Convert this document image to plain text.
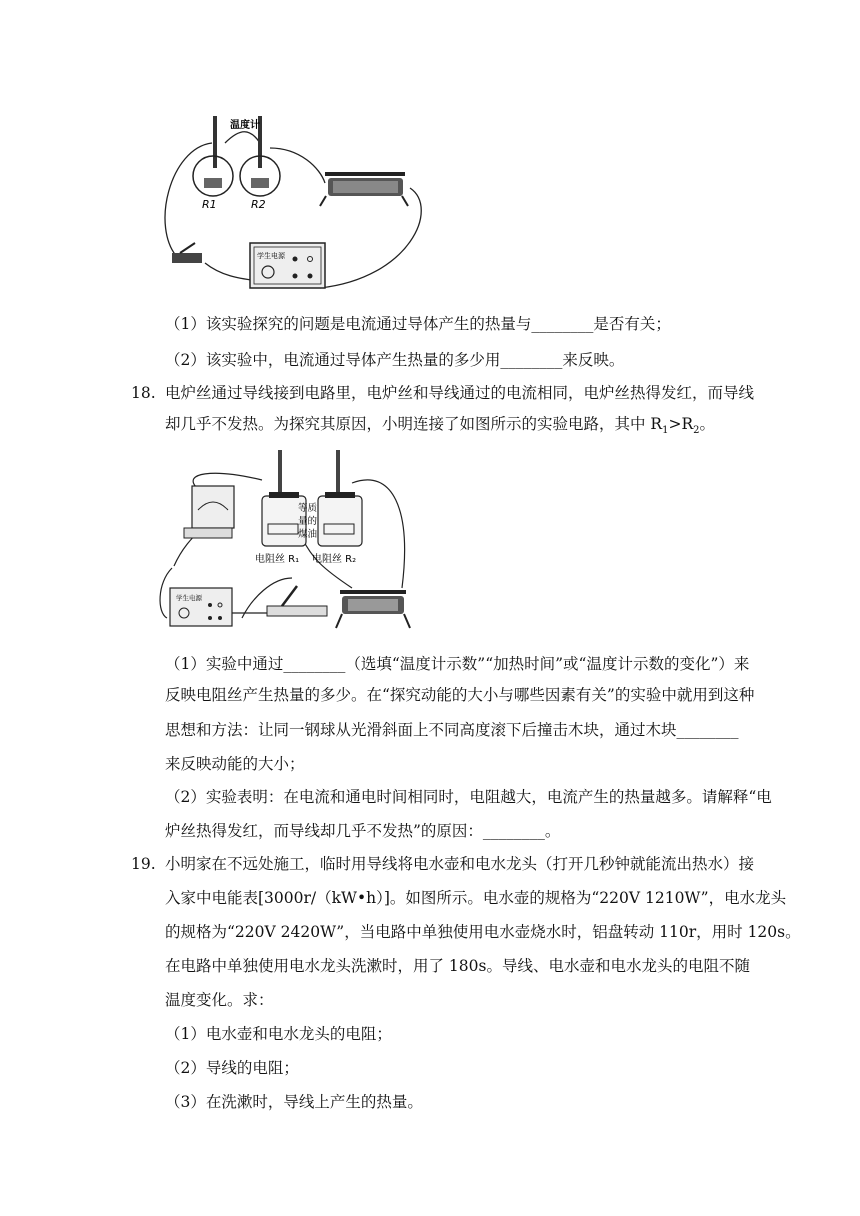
温度计
R1	R2
学生电源
（1）该实验探究的问题是电流通过导体产生的热量与________是否有关；
（2）该实验中，电流通过导体产生热量的多少用________来反映。
18. 电炉丝通过导线接到电路里，电炉丝和导线通过的电流相同，电炉丝热得发红，而导线
却几乎不发热。为探究其原因，小明连接了如图所示的实验电路，其中 $R_1>R_2$。
等质
量的
煤油
电阻丝 R₁ 电阻丝 R₂
学生电源
（1）实验中通过________（选填“温度计示数”“加热时间”或“温度计示数的变化”）来
反映电阻丝产生热量的多少。在“探究动能的大小与哪些因素有关”的实验中就用到这种
思想和方法：让同一钢球从光滑斜面上不同高度滚下后撞击木块，通过木块________
来反映动能的大小；
（2）实验表明：在电流和通电时间相同时，电阻越大，电流产生的热量越多。请解释“电
炉丝热得发红，而导线却几乎不发热”的原因：________。
19. 小明家在不远处施工，临时用导线将电水壶和电水龙头（打开几秒钟就能流出热水）接
入家中电能表[3000r/（kW•h）]。如图所示。电水壶的规格为“220V 1210W”，电水龙头
的规格为“220V 2420W”，当电路中单独使用电水壶烧水时，铝盘转动 110r，用时 120s。
在电路中单独使用电水龙头洗漱时，用了 180s。导线、电水壶和电水龙头的电阻不随
温度变化。求：
（1）电水壶和电水龙头的电阻；
（2）导线的电阻；
（3）在洗漱时，导线上产生的热量。
